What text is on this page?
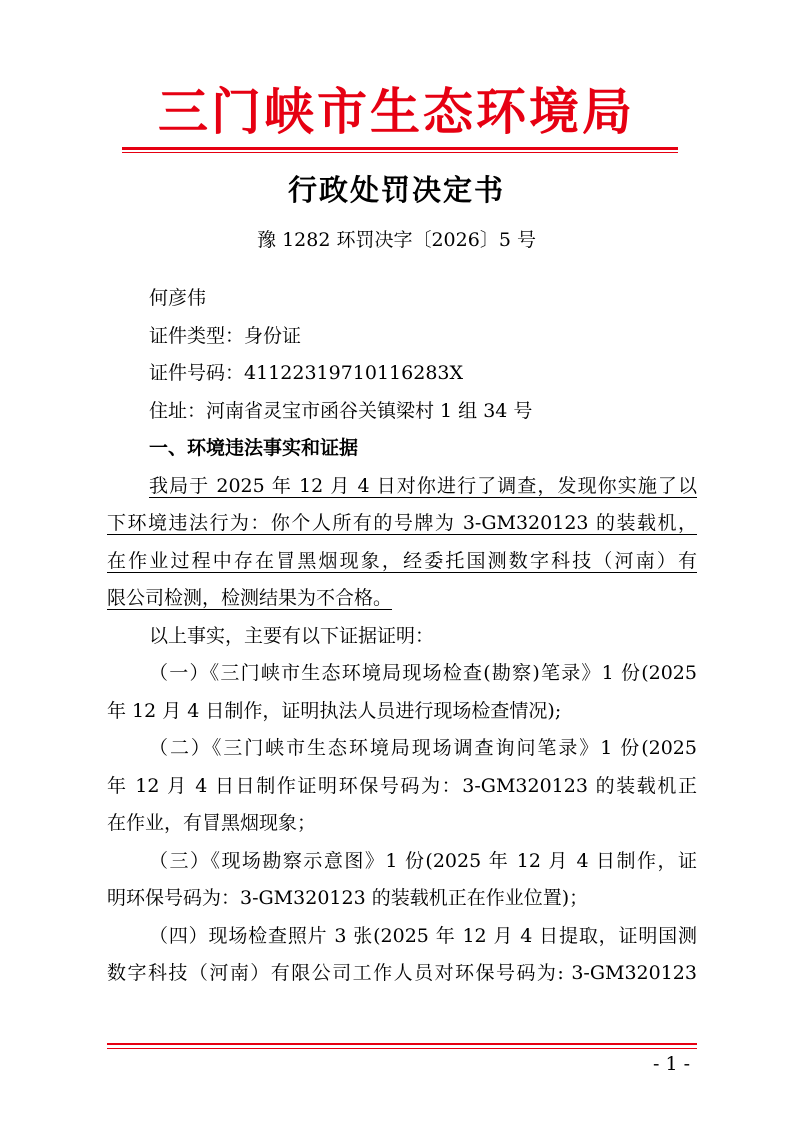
三门峡市生态环境局
行政处罚决定书
豫 1282 环罚决字〔2026〕5 号
何彦伟
证件类型：身份证
证件号码：41122319710116283X
住址：河南省灵宝市函谷关镇梁村 1 组 34 号
一、环境违法事实和证据
我局于 2025 年 12 月 4 日对你进行了调查，发现你实施了以
下环境违法行为：你个人所有的号牌为 3-GM320123 的装载机，
在作业过程中存在冒黑烟现象，经委托国测数字科技（河南）有
限公司检测，检测结果为不合格。
以上事实，主要有以下证据证明：
（一）《三门峡市生态环境局现场检查(勘察)笔录》1 份(2025
年 12 月 4 日制作，证明执法人员进行现场检查情况);
（二）《三门峡市生态环境局现场调查询问笔录》1 份(2025
年 12 月 4 日日制作证明环保号码为：3-GM320123 的装载机正
在作业，有冒黑烟现象；
（三）《现场勘察示意图》1 份(2025 年 12 月 4 日制作，证
明环保号码为：3-GM320123 的装载机正在作业位置)；
（四）现场检查照片 3 张(2025 年 12 月 4 日提取，证明国测
数字科技（河南）有限公司工作人员对环保号码为: 3-GM320123
- 1 -
